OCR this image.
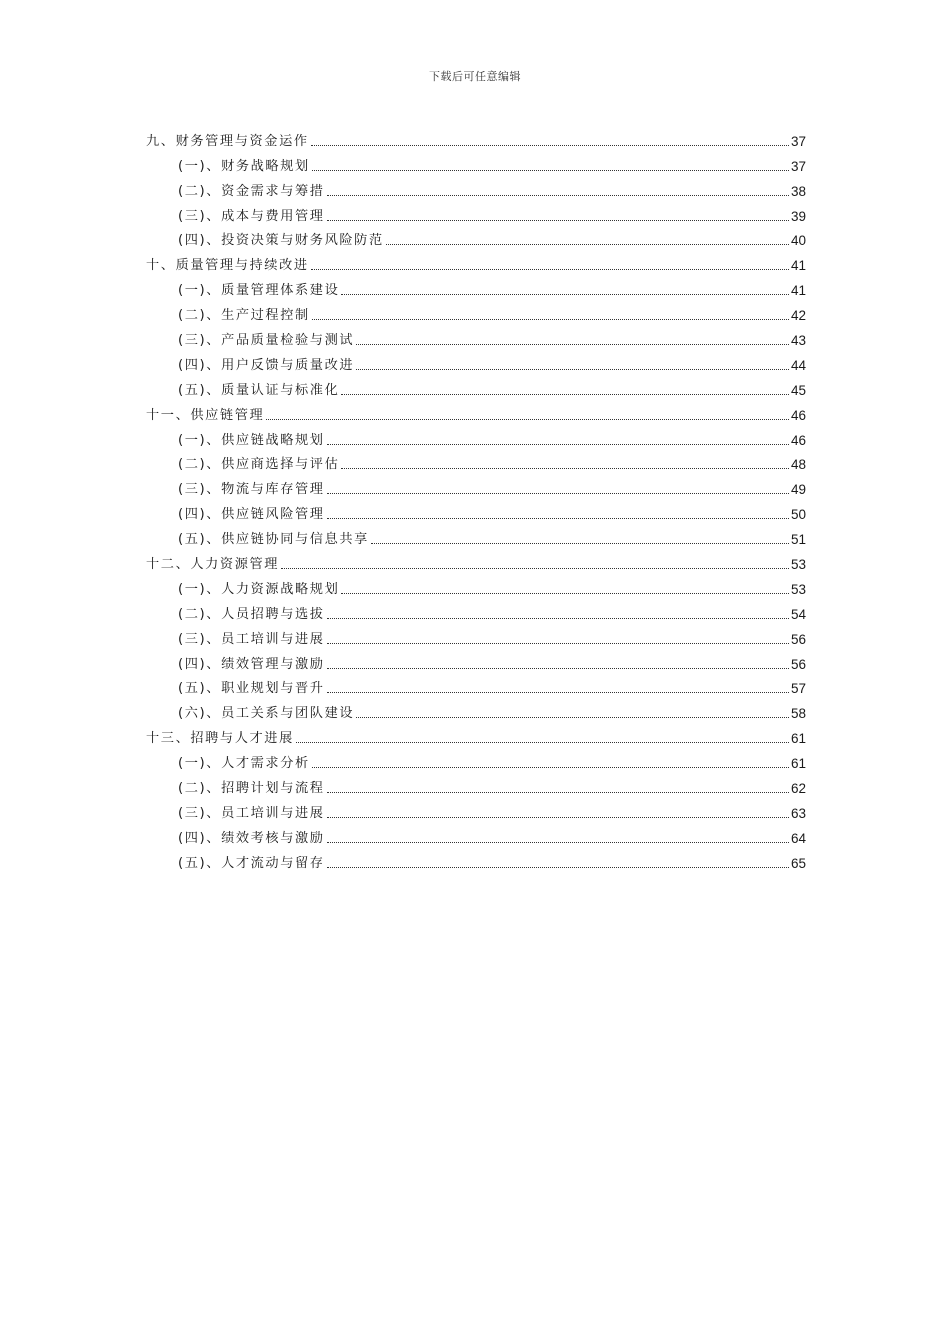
下载后可任意编辑
九、财务管理与资金运作	37
(一)、财务战略规划	37
(二)、资金需求与筹措	38
(三)、成本与费用管理	39
(四)、投资决策与财务风险防范	40
十、质量管理与持续改进	41
(一)、质量管理体系建设	41
(二)、生产过程控制	42
(三)、产品质量检验与测试	43
(四)、用户反馈与质量改进	44
(五)、质量认证与标准化	45
十一、供应链管理	46
(一)、供应链战略规划	46
(二)、供应商选择与评估	48
(三)、物流与库存管理	49
(四)、供应链风险管理	50
(五)、供应链协同与信息共享	51
十二、人力资源管理	53
(一)、人力资源战略规划	53
(二)、人员招聘与选拔	54
(三)、员工培训与进展	56
(四)、绩效管理与激励	56
(五)、职业规划与晋升	57
(六)、员工关系与团队建设	58
十三、招聘与人才进展	61
(一)、人才需求分析	61
(二)、招聘计划与流程	62
(三)、员工培训与进展	63
(四)、绩效考核与激励	64
(五)、人才流动与留存	65
